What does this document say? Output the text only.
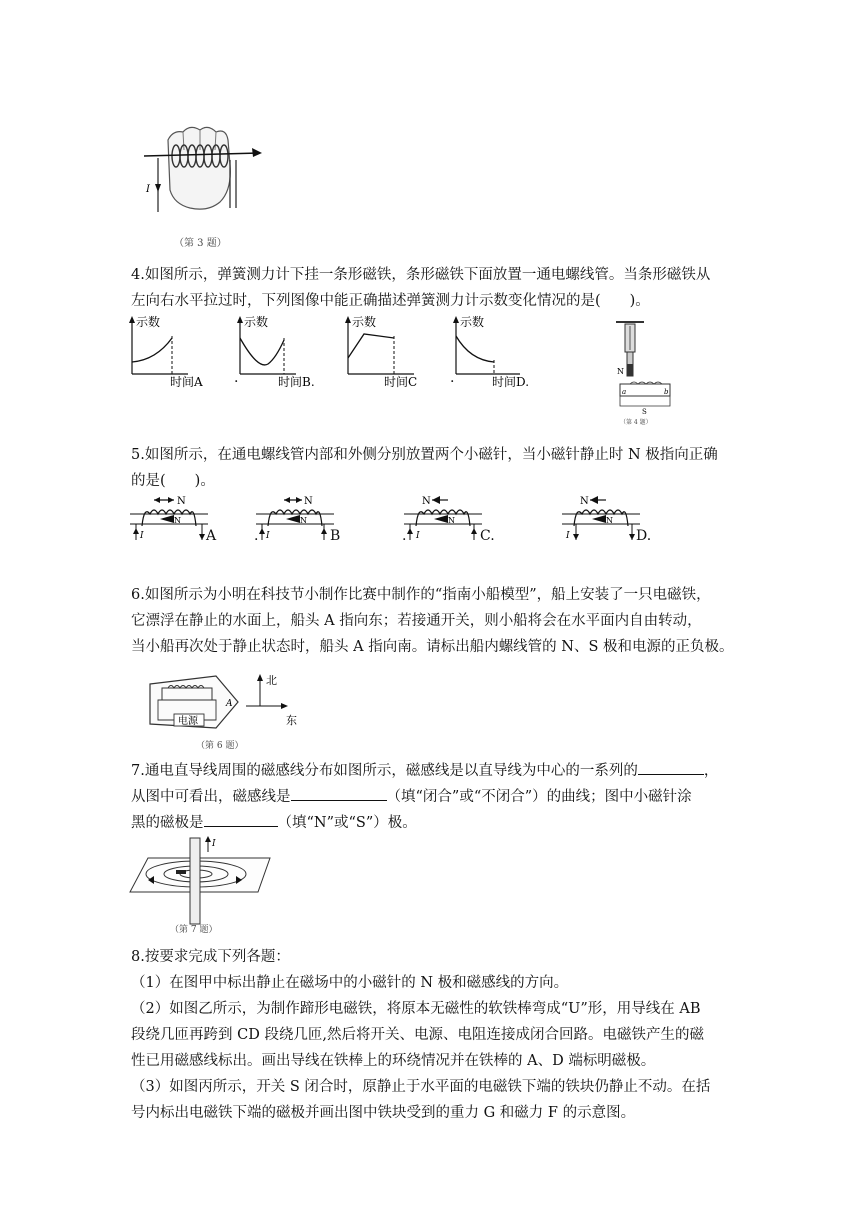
I
（第 3 题）
4.如图所示，弹簧测力计下挂一条形磁铁，条形磁铁下面放置一通电螺线管。当条形磁铁从
左向右水平拉过时，下列图像中能正确描述弹簧测力计示数变化情况的是(　　)。
示数
时间A .
示数
时间B.
示数
时间C .
示数
时间D.
N
a	b
S
（第 4 题）
5.如图所示，在通电螺线管内部和外侧分别放置两个小磁针，当小磁针静止时 N 极指向正确
的是(　　)。
N
N
I	A	.
N
N
I	B	.
N
N
I	C.
N
N
I	D.
6.如图所示为小明在科技节小制作比赛中制作的“指南小船模型”，船上安装了一只电磁铁，
它漂浮在静止的水面上，船头 A 指向东；若接通开关，则小船将会在水平面内自由转动，
当小船再次处于静止状态时，船头 A 指向南。请标出船内螺线管的 N、S 极和电源的正负极。
电源
A
北
东
（第 6 题）
7.通电直导线周围的磁感线分布如图所示，磁感线是以直导线为中心的一系列的	，
从图中可看出，磁感线是	（填“闭合”或“不闭合”）的曲线；图中小磁针涂
黑的磁极是	（填“N”或“S”）极。
I
（第 7 题）
8.按要求完成下列各题：
（1）在图甲中标出静止在磁场中的小磁针的 N 极和磁感线的方向。
（2）如图乙所示，为制作蹄形电磁铁，将原本无磁性的软铁棒弯成“U”形，用导线在 AB
段绕几匝再跨到 CD 段绕几匝,然后将开关、电源、电阻连接成闭合回路。电磁铁产生的磁
性已用磁感线标出。画出导线在铁棒上的环绕情况并在铁棒的 A、D 端标明磁极。
（3）如图丙所示，开关 S 闭合时，原静止于水平面的电磁铁下端的铁块仍静止不动。在括
号内标出电磁铁下端的磁极并画出图中铁块受到的重力 G 和磁力 F 的示意图。
